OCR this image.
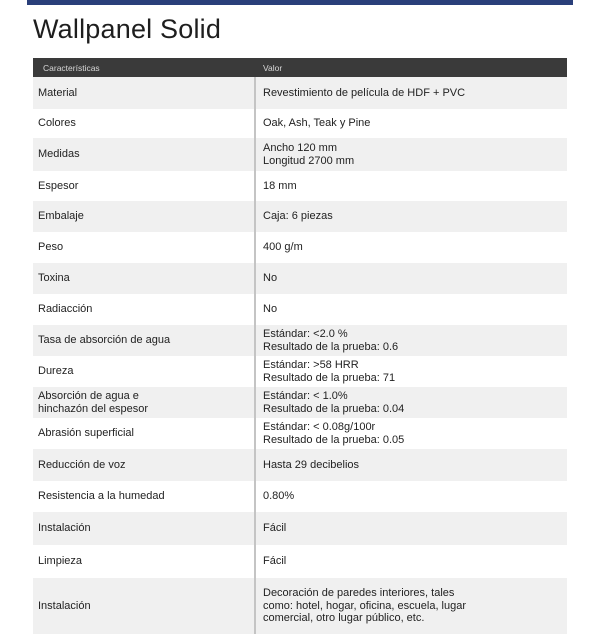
Wallpanel Solid
Características	Valor

Material	Revestimiento de película de HDF + PVC

Colores	Oak, Ash, Teak y Pine

Medidas	Ancho 120 mm
Longitud 2700 mm

Espesor	18 mm

Embalaje	Caja: 6 piezas

Peso	400 g/m

Toxina	No

Radiacción	No

Tasa de absorción de agua	Estándar: <2.0 %
Resultado de la prueba: 0.6

Dureza	Estándar: >58 HRR
Resultado de la prueba: 71

Absorción de agua e
hinchazón del espesor	Estándar: < 1.0%
Resultado de la prueba: 0.04

Abrasión superficial	Estándar: < 0.08g/100r
Resultado de la prueba: 0.05

Reducción de voz	Hasta 29 decibelios

Resistencia a la humedad	0.80%

Instalación	Fácil

Limpieza	Fácil

Instalación	Decoración de paredes interiores, tales
como: hotel, hogar, oficina, escuela, lugar
comercial, otro lugar público, etc.
